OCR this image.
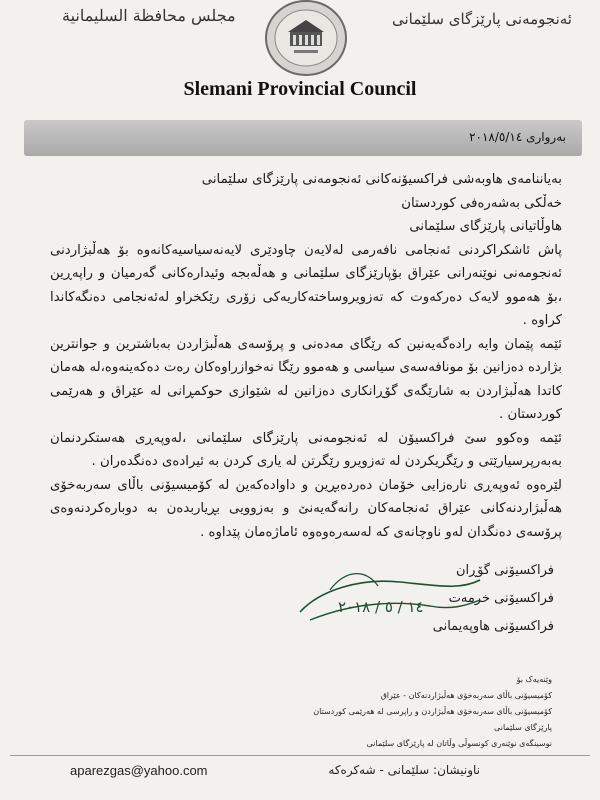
مجلس محافظة السليمانية	ئەنجومەنی پارێزگای سلێمانی
Slemani Provincial Council
بەرواری ٢٠١٨/٥/١٤

بەیاننامەی هاوبەشی فراکسیۆنەکانی ئەنجومەنی پارێزگای سلێمانی

خەڵکی بەشەرەفی کوردستان

هاوڵاتیانی پارێزگای سلێمانی

پاش ئاشکراکردنی ئەنجامی نافەرمی لەلایەن چاودێری لایەنەسیاسیەکانەوە بۆ هەڵبژاردنی ئەنجومەنی نوێنەرانی عێراق بۆپارێزگای سلێمانی و هەڵەبجە وئیدارەکانی گەرمیان و راپەڕین ،بۆ هەموو لایەک دەرکەوت کە تەزویروساختەکاریەکی زۆری رێکخراو لەئەنجامی دەنگەکاندا کراوە .

ئێمە پێمان وایە رادەگەیەنین کە رێگای مەدەنی و پرۆسەی هەڵبژاردن بەباشترین و جوانترین بژاردە دەزانین بۆ مونافەسەی سیاسی و هەموو رێگا نەخوازراوەکان رەت دەکەینەوە،لە هەمان کاتدا هەڵبژاردن بە شارێگەی گۆڕانکاری دەزانین لە شێوازی حوکمڕانی لە عێراق و هەرێمی کوردستان .

ئێمە وەکوو سێ فراکسیۆن لە ئەنجومەنی پارێزگای سلێمانی ،لەوپەڕی هەستکردنمان بەبەرپرسیارێتی و رێگریکردن لە تەزویرو رێگرتن لە یاری کردن بە ئیرادەی دەنگدەران .

لێرەوە ئەوپەڕی نارەزایی خۆمان دەردەبڕین و داوادەکەین لە کۆمیسیۆنی باڵای سەربەخۆی هەڵبژاردنەکانی عێراق ئەنجامەکان رانەگەیەنێ و بەزوویی بڕیاربدەن بە دوبارەکردنەوەی پرۆسەی دەنگدان لەو ناوچانەی کە لەسەرەوەوە ئاماژەمان پێداوە .

فراکسیۆنی گۆڕان
فراکسیۆنی خرمەت
فراکسیۆنی هاوپەیمانی
١٤ / ٥ / ٢٠١٨
وێنەیەک بۆ
کۆمیسیۆنی باڵای سەربەخۆی هەڵبژاردنەکان - عێراق
کۆمیسیۆنی باڵای سەربەخۆی هەڵبژاردن و راپرسی لە هەرێمی کوردستان
پارێزگای سلێمانی
نوسینگەی نوێنەری کونسوڵی وڵاتان لە پارێزگای سلێمانی
aparezgas@yahoo.com	ناونیشان: سلێمانی - شەکرەکە
